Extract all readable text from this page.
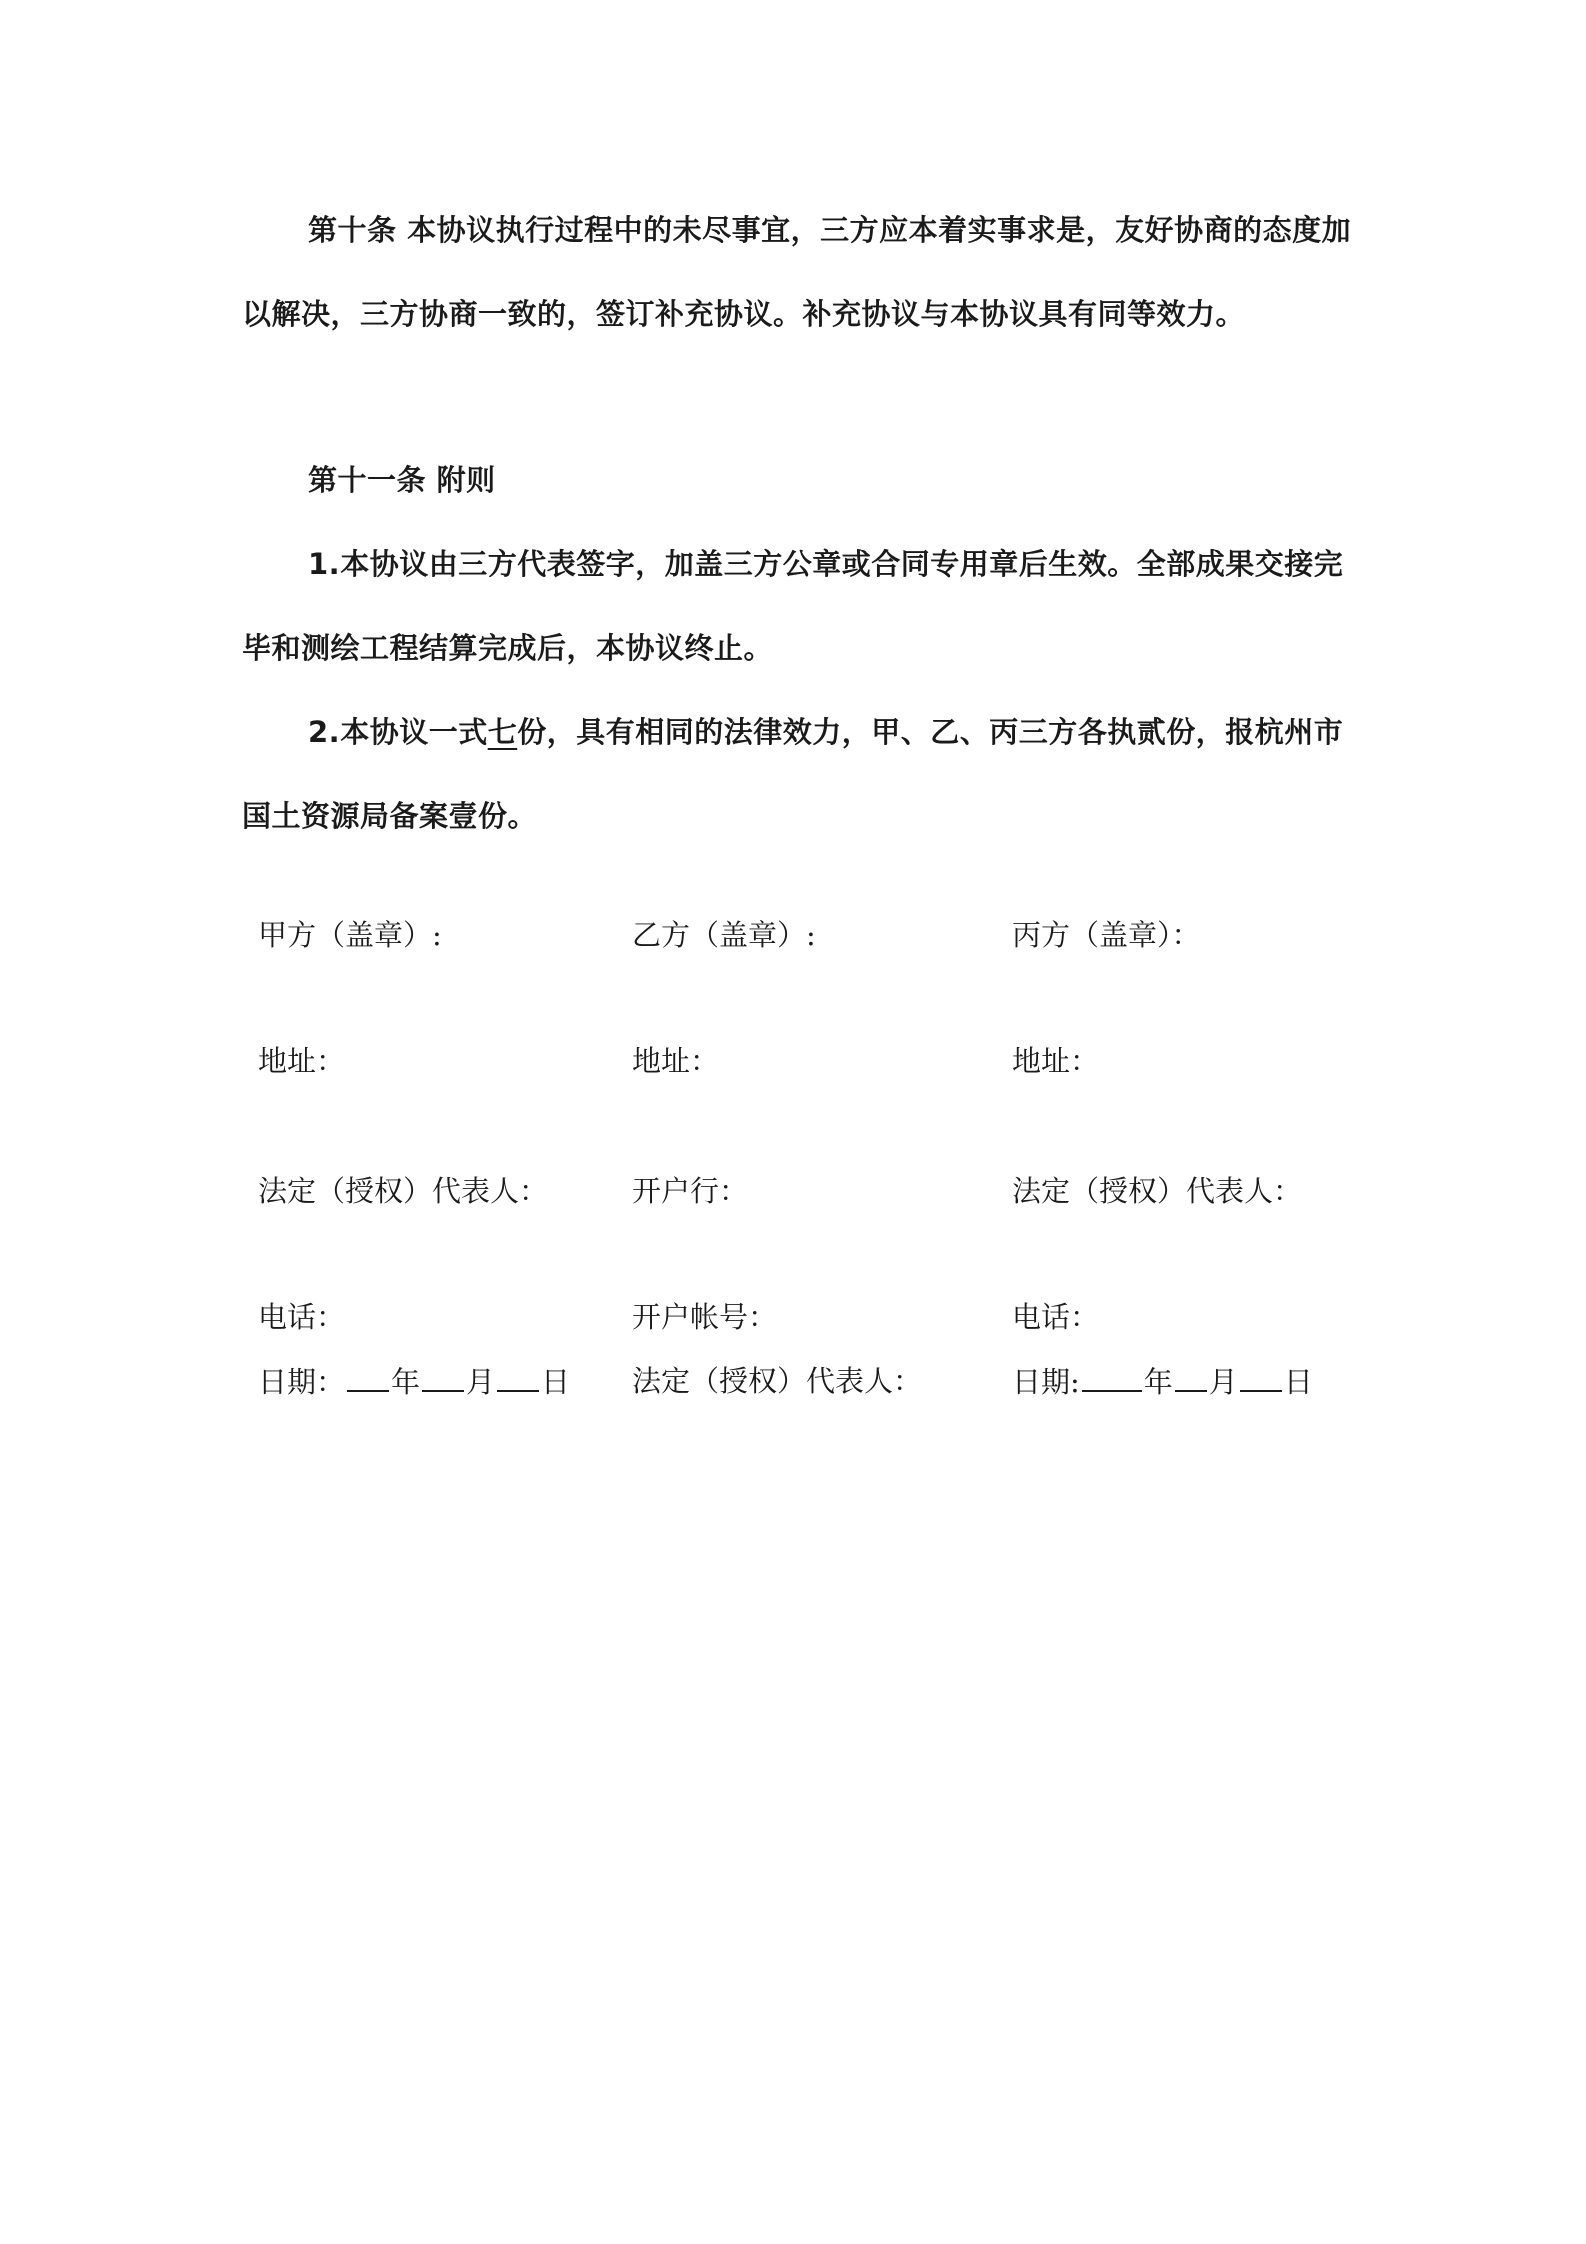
第十条 本协议执行过程中的未尽事宜，三方应本着实事求是，友好协商的态度加以解决，三方协商一致的，签订补充协议。补充协议与本协议具有同等效力。
第十一条 附则
1.本协议由三方代表签字，加盖三方公章或合同专用章后生效。全部成果交接完毕和测绘工程结算完成后，本协议终止。
2.本协议一式七份，具有相同的法律效力，甲、乙、丙三方各执贰份，报杭州市国土资源局备案壹份。
甲方（盖章）:
地址：
法定（授权）代表人：
电话：
日期： 年 月 日
乙方（盖章）:
地址：
开户行：
开户帐号：
法定（授权）代表人：
丙方（盖章）：
地址：
法定（授权）代表人：
电话：
日期: 年 月 日
